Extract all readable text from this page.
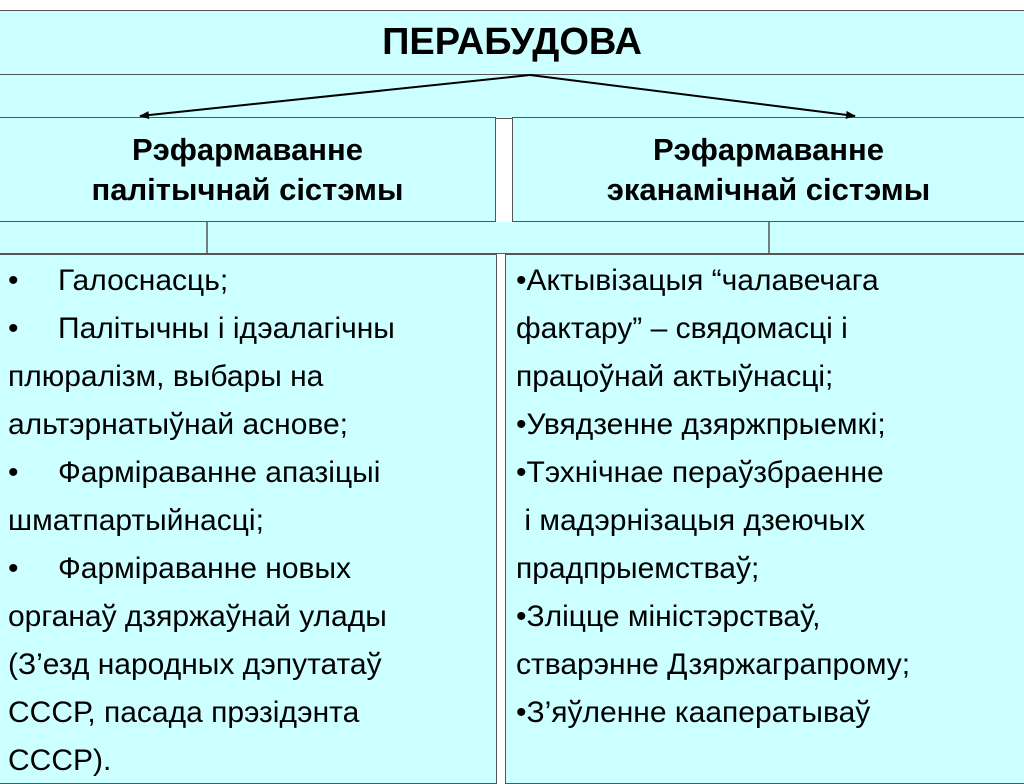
ПЕРАБУДОВА
Рэфармаванне
палітычнай сістэмы
Рэфармаванне
эканамічнай сістэмы

• Галоснасць;

• Палітычны і ідэалагічны

плюралізм, выбары на

альтэрнатыўнай аснове;

• Фарміраванне апазіцыі

шматпартыйнасці;

• Фарміраванне новых

органаў дзяржаўнай улады

(З’езд народных дэпутатаў

СССР, пасада прэзідэнта

СССР).

•Актывізацыя “чалавечага

фактару” – свядомасці і

працоўнай актыўнасці;

•Увядзенне дзяржпрыемкі;

•Тэхнічнае пераўзбраенне

і мадэрнізацыя дзеючых

прадпрыемстваў;

•Зліцце міністэрстваў,

стварэнне Дзяржаграпрому;

•З’яўленне кааператываў
